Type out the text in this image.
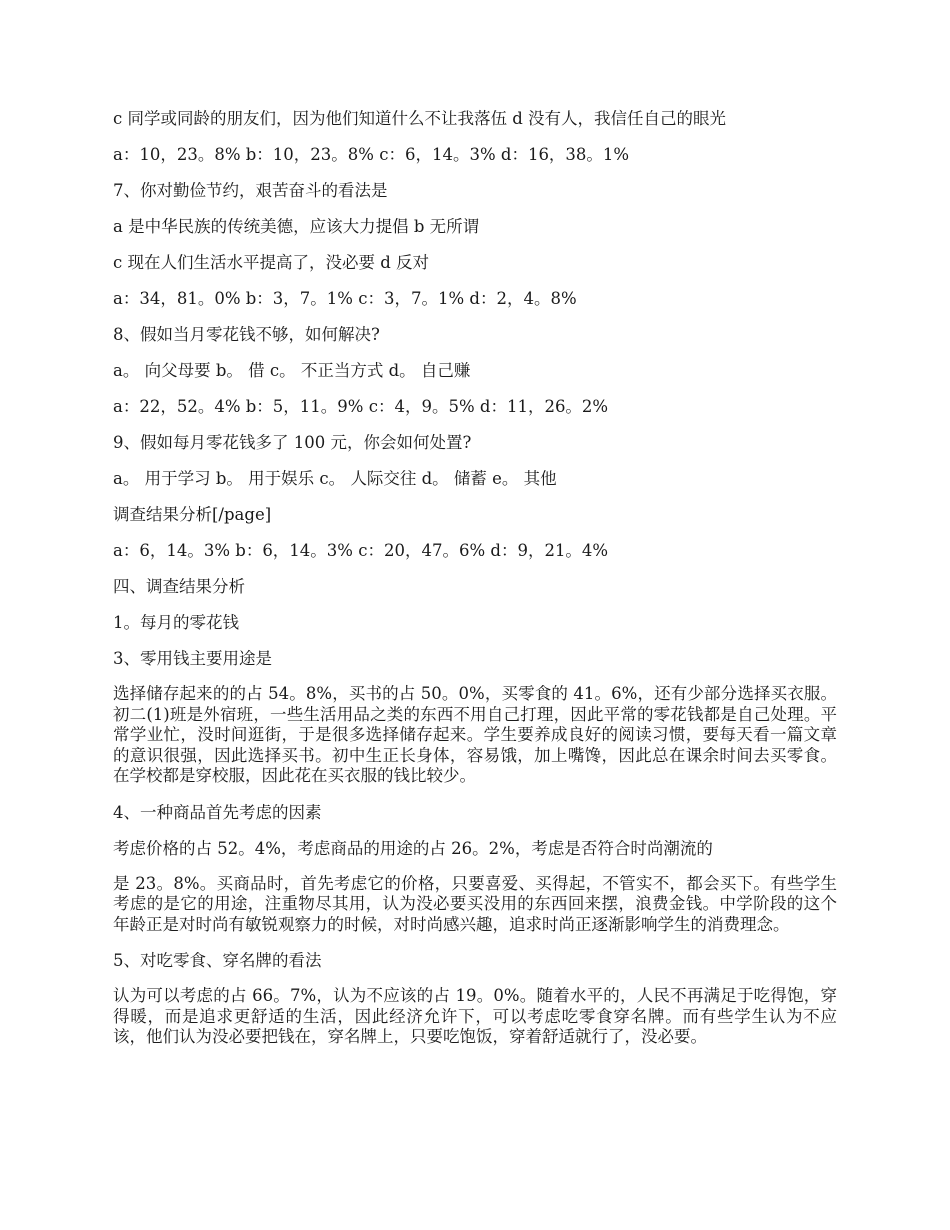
c 同学或同龄的朋友们，因为他们知道什么不让我落伍 d 没有人，我信任自己的眼光
a：10，23。8% b：10，23。8% c：6，14。3% d：16，38。1%
7、你对勤俭节约，艰苦奋斗的看法是
a 是中华民族的传统美德，应该大力提倡 b 无所谓
c 现在人们生活水平提高了，没必要 d 反对
a：34，81。0% b：3，7。1% c：3，7。1% d：2，4。8%
8、假如当月零花钱不够，如何解决?
a。 向父母要 b。 借 c。 不正当方式 d。 自己赚
a：22，52。4% b：5，11。9% c：4，9。5% d：11，26。2%
9、假如每月零花钱多了 100 元，你会如何处置?
a。 用于学习 b。 用于娱乐 c。 人际交往 d。 储蓄 e。 其他
调查结果分析[/page]
a：6，14。3% b：6，14。3% c：20，47。6% d：9，21。4%
四、调查结果分析
1。每月的零花钱
3、零用钱主要用途是
选择储存起来的的占 54。8%，买书的占 50。0%，买零食的 41。6%，还有少部分选择买衣服。初二(1)班是外宿班，一些生活用品之类的东西不用自己打理，因此平常的零花钱都是自己处理。平常学业忙，没时间逛街，于是很多选择储存起来。学生要养成良好的阅读习惯，要每天看一篇文章的意识很强，因此选择买书。初中生正长身体，容易饿，加上嘴馋，因此总在课余时间去买零食。在学校都是穿校服，因此花在买衣服的钱比较少。
4、一种商品首先考虑的因素
考虑价格的占 52。4%，考虑商品的用途的占 26。2%，考虑是否符合时尚潮流的
是 23。8%。买商品时，首先考虑它的价格，只要喜爱、买得起，不管实不，都会买下。有些学生考虑的是它的用途，注重物尽其用，认为没必要买没用的东西回来摆，浪费金钱。中学阶段的这个年龄正是对时尚有敏锐观察力的时候，对时尚感兴趣，追求时尚正逐渐影响学生的消费理念。
5、对吃零食、穿名牌的看法
认为可以考虑的占 66。7%，认为不应该的占 19。0%。随着水平的，人民不再满足于吃得饱，穿得暖，而是追求更舒适的生活，因此经济允许下，可以考虑吃零食穿名牌。而有些学生认为不应该，他们认为没必要把钱在，穿名牌上，只要吃饱饭，穿着舒适就行了，没必要。
